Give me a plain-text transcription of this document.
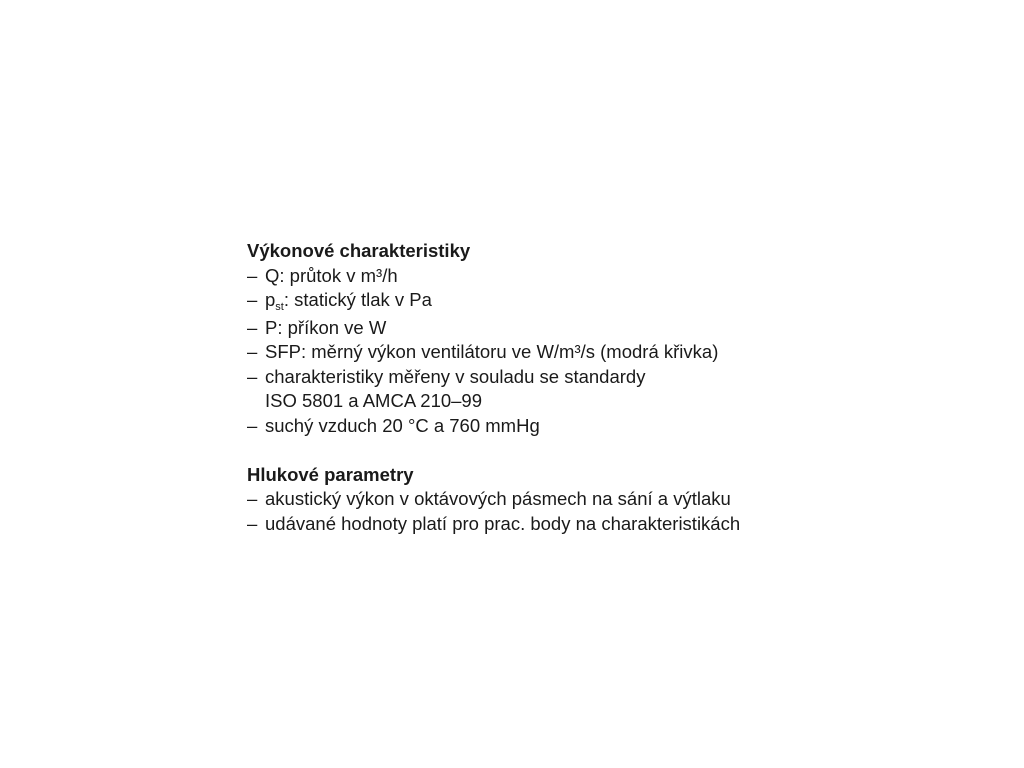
Výkonové charakteristiky

– Q: průtok v m³/h
– $p_{st}$: statický tlak v Pa
– P: příkon ve W
– SFP: měrný výkon ventilátoru ve W/m³/s (modrá křivka)
– charakteristiky měřeny v souladu se standardy
ISO 5801 a AMCA 210–99
– suchý vzduch 20 °C a 760 mmHg

Hlukové parametry

– akustický výkon v oktávových pásmech na sání a výtlaku
– udávané hodnoty platí pro prac. body na charakteristikách
